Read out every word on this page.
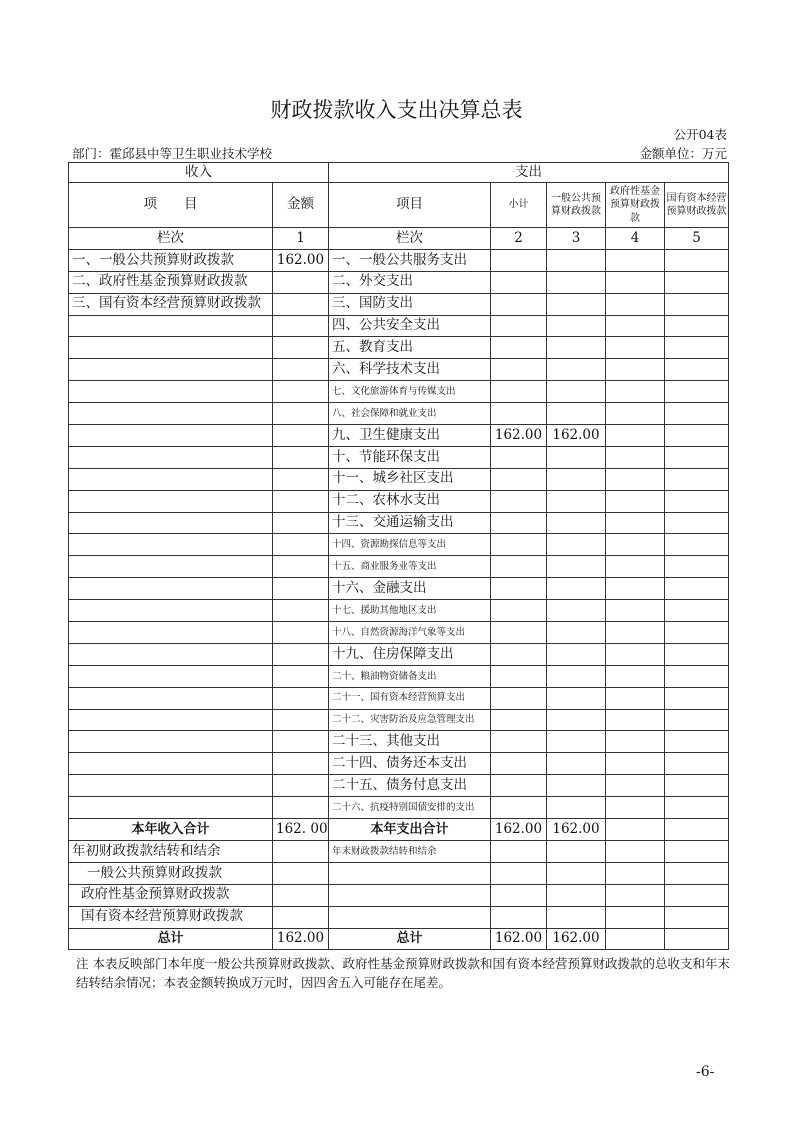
财政拨款收入支出决算总表
公开04表
部门：霍邱县中等卫生职业技术学校	金额单位：万元
收入		支出				
项　　目	金额	项目	小计	一般公共预算财政拨款	政府性基金预算财政拨款	国有资本经营预算财政拨款
栏次	1	栏次	2	3	4	5
一、一般公共预算财政拨款	162.00	一、一般公共服务支出				
二、政府性基金预算财政拨款		二、外交支出				
三、国有资本经营预算财政拨款		三、国防支出				
		四、公共安全支出				
		五、教育支出				
		六、科学技术支出				
		七、文化旅游体育与传媒支出				
		八、社会保障和就业支出				
		九、卫生健康支出	162.00	162.00		
		十、节能环保支出				
		十一、城乡社区支出				
		十二、农林水支出				
		十三、交通运输支出				
		十四、资源勘探信息等支出				
		十五、商业服务业等支出				
		十六、金融支出				
		十七、援助其他地区支出				
		十八、自然资源海洋气象等支出				
		十九、住房保障支出				
		二十、粮油物资储备支出				
		二十一、国有资本经营预算支出				
		二十二、灾害防治及应急管理支出				
		二十三、其他支出				
		二十四、债务还本支出				
		二十五、债务付息支出				
		二十六、抗疫特别国债安排的支出				
本年收入合计	162. 00	本年支出合计	162.00	162.00		
年初财政拨款结转和结余		年末财政拨款结转和结余				
一般公共预算财政拨款						
政府性基金预算财政拨款						
国有资本经营预算财政拨款						
总计	162.00	总计	162.00	162.00		
注 本表反映部门本年度一般公共预算财政拨款、政府性基金预算财政拨款和国有资本经营预算财政拨款的总收支和年末结转结余情况；本表金额转换成万元时，因四舍五入可能存在尾差。
-6-
